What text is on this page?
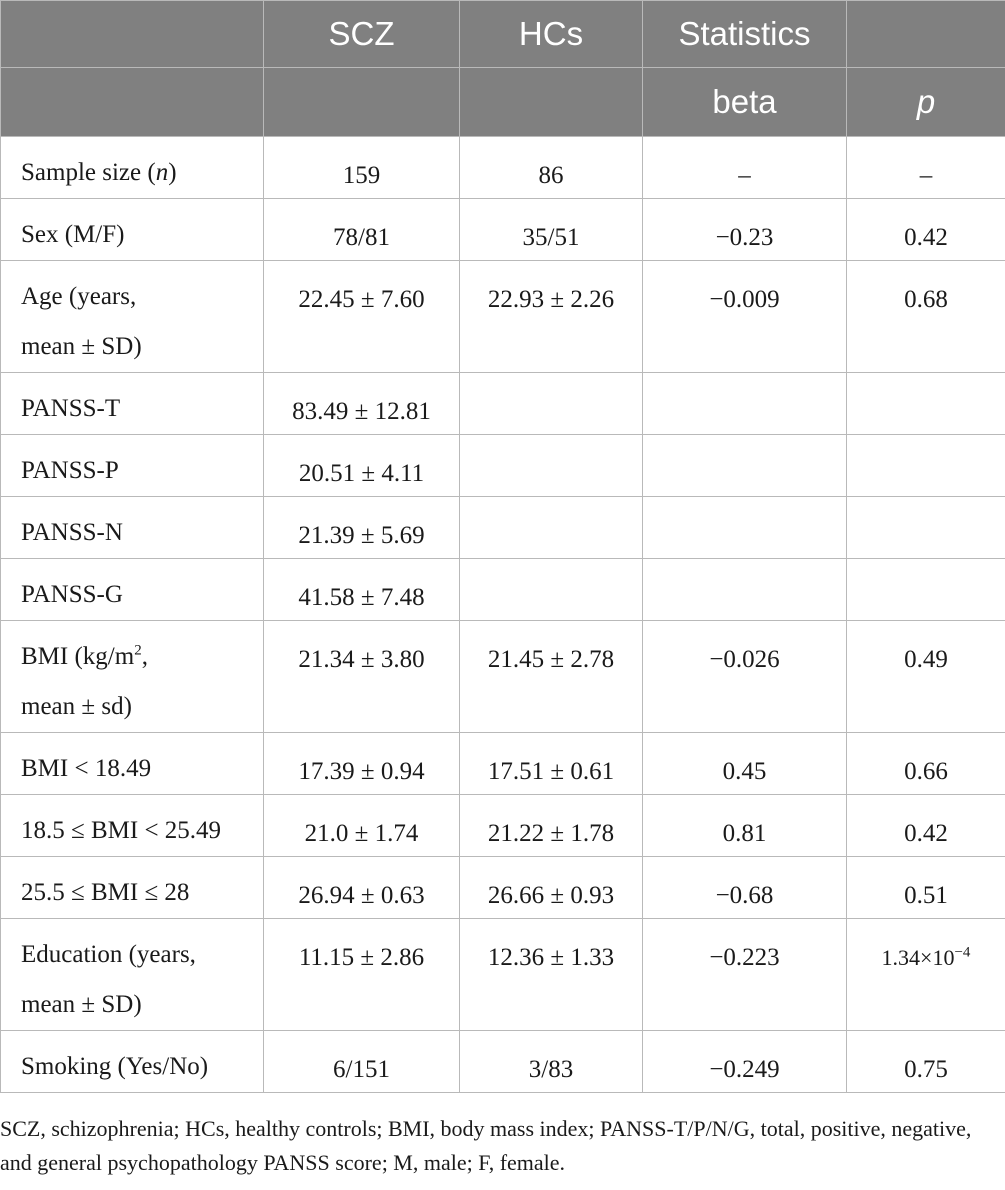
	SCZ	HCs	Statistics	
			beta	p

Sample size (n)	159	86	–	–

Sex (M/F)	78/81	35/51	−0.23	0.42

Age (years,
mean ± SD)	22.45 ± 7.60	22.93 ± 2.26	−0.009	0.68

PANSS-T	83.49 ± 12.81			

PANSS-P	20.51 ± 4.11			

PANSS-N	21.39 ± 5.69			

PANSS-G	41.58 ± 7.48			

BMI ($kg/m^2$,
mean ± sd)	21.34 ± 3.80	21.45 ± 2.78	−0.026	0.49

BMI < 18.49	17.39 ± 0.94	17.51 ± 0.61	0.45	0.66

18.5 ≤ BMI < 25.49	21.0 ± 1.74	21.22 ± 1.78	0.81	0.42

25.5 ≤ BMI ≤ 28	26.94 ± 0.63	26.66 ± 0.93	−0.68	0.51

Education (years,
mean ± SD)	11.15 ± 2.86	12.36 ± 1.33	−0.223	$1.34\times 10^{-4}$

Smoking (Yes/No)	6/151	3/83	−0.249	0.75
SCZ, schizophrenia; HCs, healthy controls; BMI, body mass index; PANSS-T/P/N/G, total, positive, negative, and general psychopathology PANSS score; M, male; F, female.
